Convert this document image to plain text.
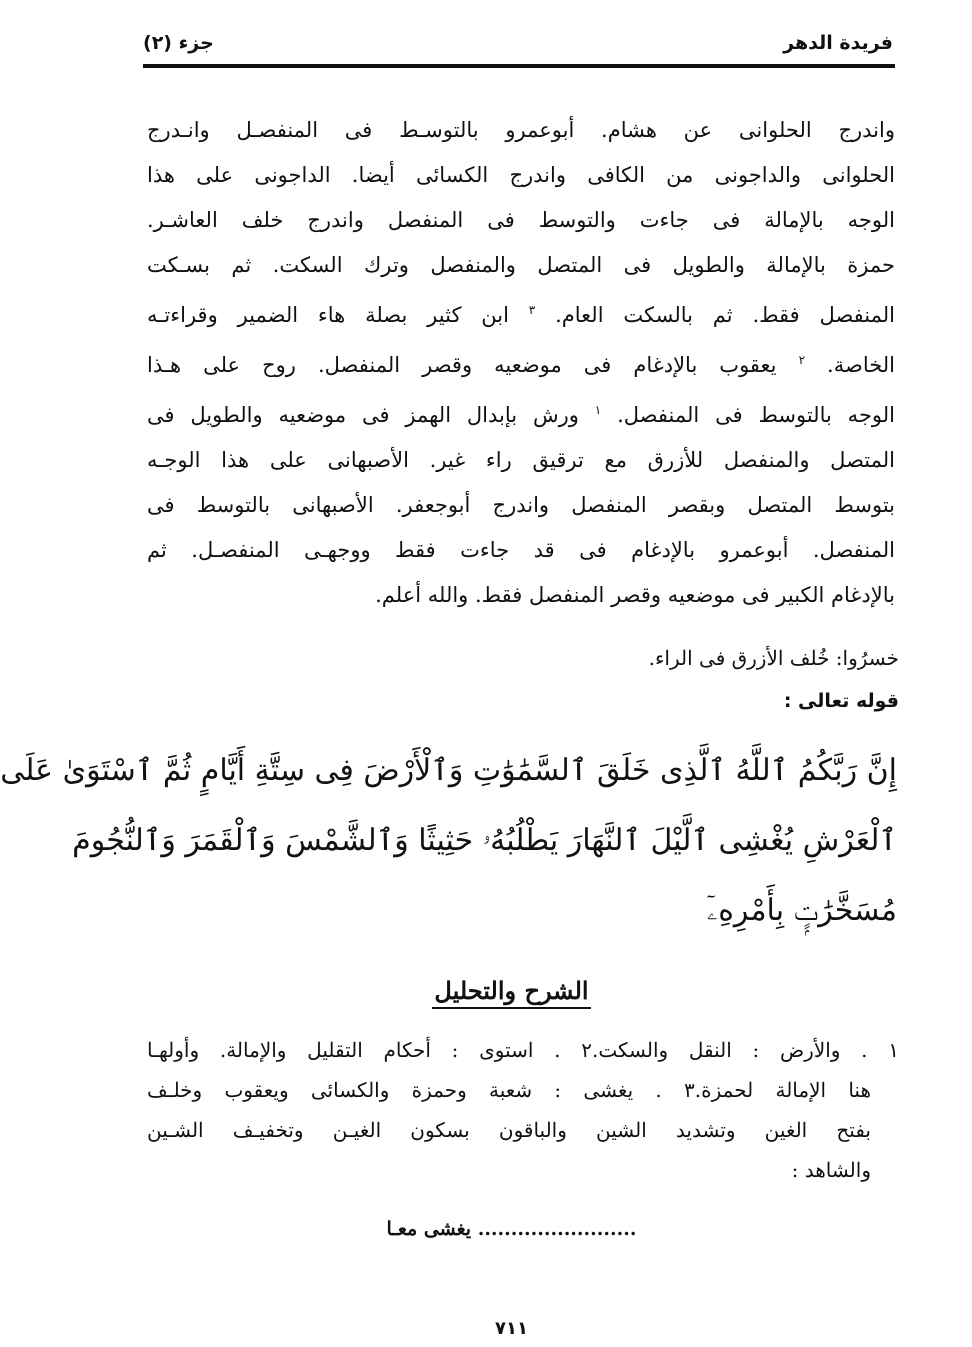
فريدة الدهر
جزء (٢)
واندرج الحلوانى عن هشام. أبوعمرو بالتوسـط فى المنفصـل وانـدرج
الحلوانى والداجونى من الكافى واندرج الكسائى أيضا. الداجونى على هذا
الوجه بالإمالة فى جاءت والتوسط فى المنفصل واندرج خلف العاشـر.
حمزة بالإمالة والطويل فى المتصل والمنفصل وترك السكت. ثم بسـكت
المنفصل فقط. ثم بالسكت العام. $^٣$ ابن كثير بصلة هاء الضمير وقراءتـه
الخاصة. $^٢$ يعقوب بالإدغام فى موضعيه وقصر المنفصل. روح على هـذا
الوجه بالتوسط فى المنفصل. $^١$ ورش بإبدال الهمز فى موضعيه والطويل فى
المتصل والمنفصل للأزرق مع ترقيق راء غير. الأصبهانى على هذا الوجـه
بتوسط المتصل وبقصر المنفصل واندرج أبوجعفر. الأصبهانى بالتوسط فى
المنفصل. أبوعمرو بالإدغام فى قد جاءت فقط ووجهـى المنفصـل. ثم
بالإدغام الكبير فى موضعيه وقصر المنفصل فقط. والله أعلم.
خسرُوا: خُلف الأزرق فى الراء.
قوله تعالى :
إِنَّ رَبَّكُمُ ٱللَّهُ ٱلَّذِى خَلَقَ ٱلسَّمَٰوَٰتِ وَٱلْأَرْضَ فِى سِتَّةِ أَيَّامٍ ثُمَّ ٱسْتَوَىٰ عَلَى
ٱلْعَرْشِ يُغْشِى ٱلَّيْلَ ٱلنَّهَارَ يَطْلُبُهُۥ حَثِيثًا وَٱلشَّمْسَ وَٱلْقَمَرَ وَٱلنُّجُومَ
مُسَخَّرَٰتٍۭ بِأَمْرِهِۦٓ
الشرح والتحليل
١ . والأرض : النقل والسكت.٢ . استوى : أحكام التقليل والإمالة. وأولهـا
هنا الإمالة لحمزة.٣ . يغشى : شعبة وحمزة والكسائى ويعقوب وخلـف
بفتح الغين وتشديد الشين والباقون بسكون الغيـن وتخفيـف الشـين
والشاهد :
........................ يغشى معـا
٧١١
